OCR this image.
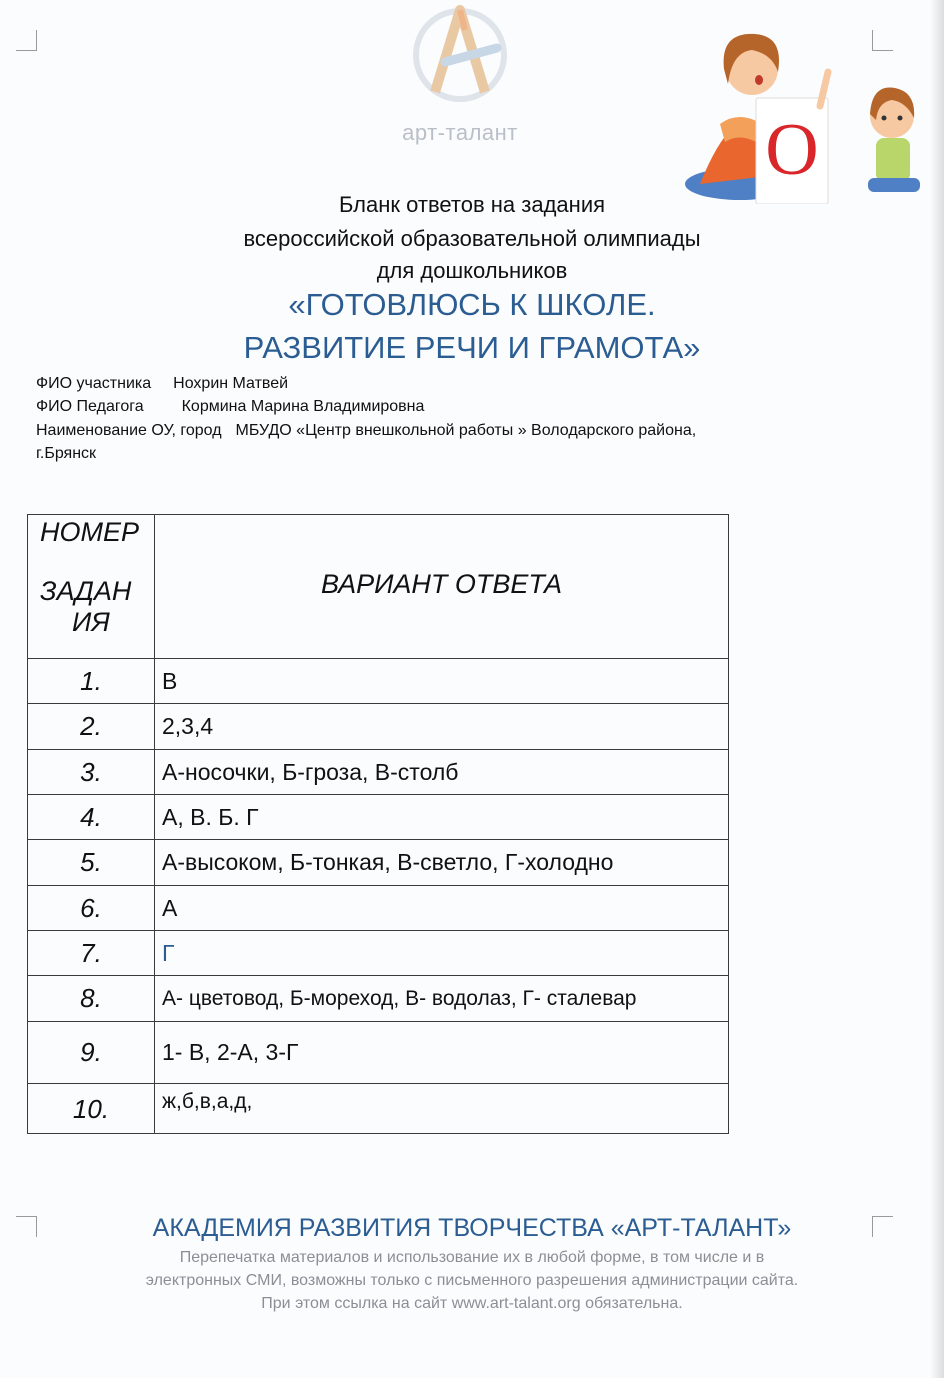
арт-талант	О
Бланк ответов на задания
всероссийской образовательной олимпиады
для дошкольников
«ГОТОВЛЮСЬ К ШКОЛЕ.
РАЗВИТИЕ РЕЧИ И ГРАМОТА»
ФИО участника Нохрин Матвей
ФИО Педагога Кормина Марина Владимировна
Наименование ОУ, город МБУДО «Центр внешкольной работы » Володарского района,
г.Брянск
НОМЕР
ЗАДАН
ИЯ	ВАРИАНТ ОТВЕТА

1.	В
2.	2,3,4
3.	А-носочки, Б-гроза, В-столб
4.	А, В. Б. Г
5.	А-высоком, Б-тонкая, В-светло, Г-холодно
6.	А
7.	Г
8.	А- цветовод, Б-мореход, В- водолаз, Г- сталевар
9.	1- В, 2-А, 3-Г
10.	ж,б,в,а,д,
АКАДЕМИЯ РАЗВИТИЯ ТВОРЧЕСТВА «АРТ-ТАЛАНТ»
Перепечатка материалов и использование их в любой форме, в том числе и в
электронных СМИ, возможны только с письменного разрешения администрации сайта.
При этом ссылка на сайт www.art-talant.org обязательна.
